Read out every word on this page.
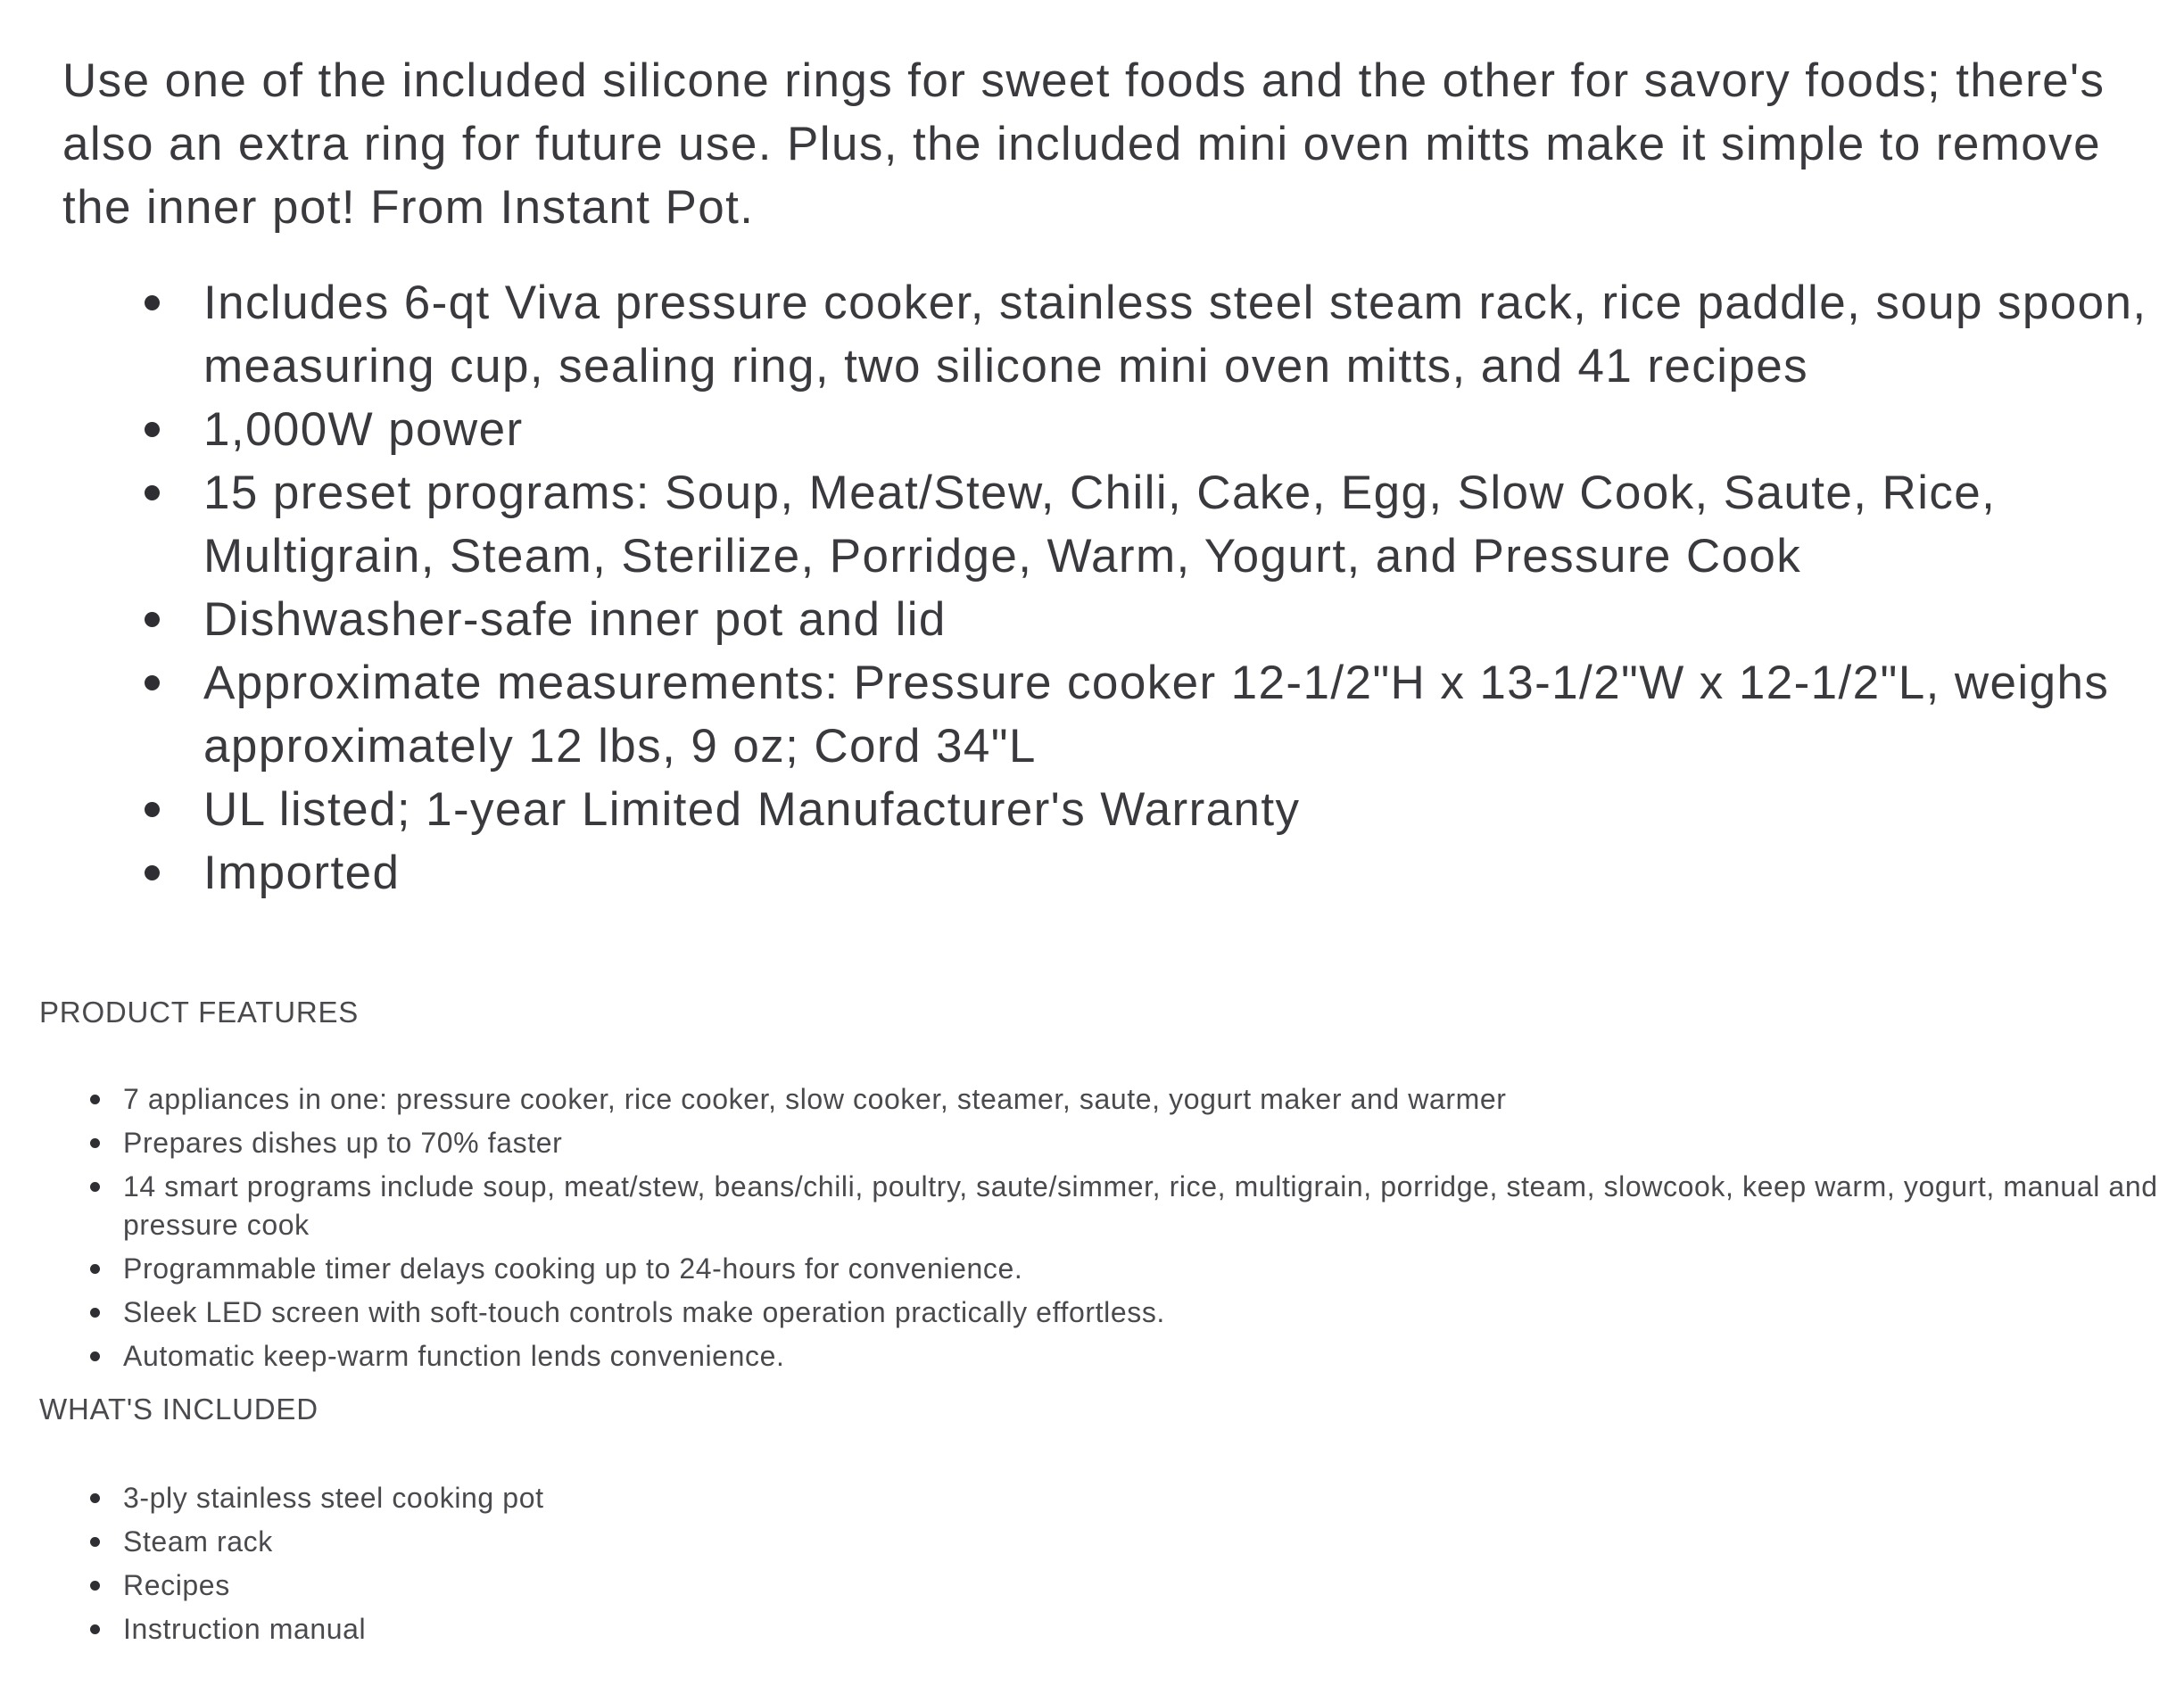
Use one of the included silicone rings for sweet foods and the other for savory foods; there's also an extra ring for future use. Plus, the included mini oven mitts make it simple to remove the inner pot! From Instant Pot.

Includes 6-qt Viva pressure cooker, stainless steel steam rack, rice paddle, soup spoon, measuring cup, sealing ring, two silicone mini oven mitts, and 41 recipes
1,000W power
15 preset programs: Soup, Meat/Stew, Chili, Cake, Egg, Slow Cook, Saute, Rice, Multigrain, Steam, Sterilize, Porridge, Warm, Yogurt, and Pressure Cook
Dishwasher-safe inner pot and lid
Approximate measurements: Pressure cooker 12-1/2"H x 13-1/2"W x 12-1/2"L, weighs approximately 12 lbs, 9 oz; Cord 34"L
UL listed; 1-year Limited Manufacturer's Warranty
Imported
PRODUCT FEATURES
7 appliances in one: pressure cooker, rice cooker, slow cooker, steamer, saute, yogurt maker and warmer
Prepares dishes up to 70% faster
14 smart programs include soup, meat/stew, beans/chili, poultry, saute/simmer, rice, multigrain, porridge, steam, slowcook, keep warm, yogurt, manual and pressure cook
Programmable timer delays cooking up to 24-hours for convenience.
Sleek LED screen with soft-touch controls make operation practically effortless.
Automatic keep-warm function lends convenience.
WHAT'S INCLUDED
3-ply stainless steel cooking pot
Steam rack
Recipes
Instruction manual
